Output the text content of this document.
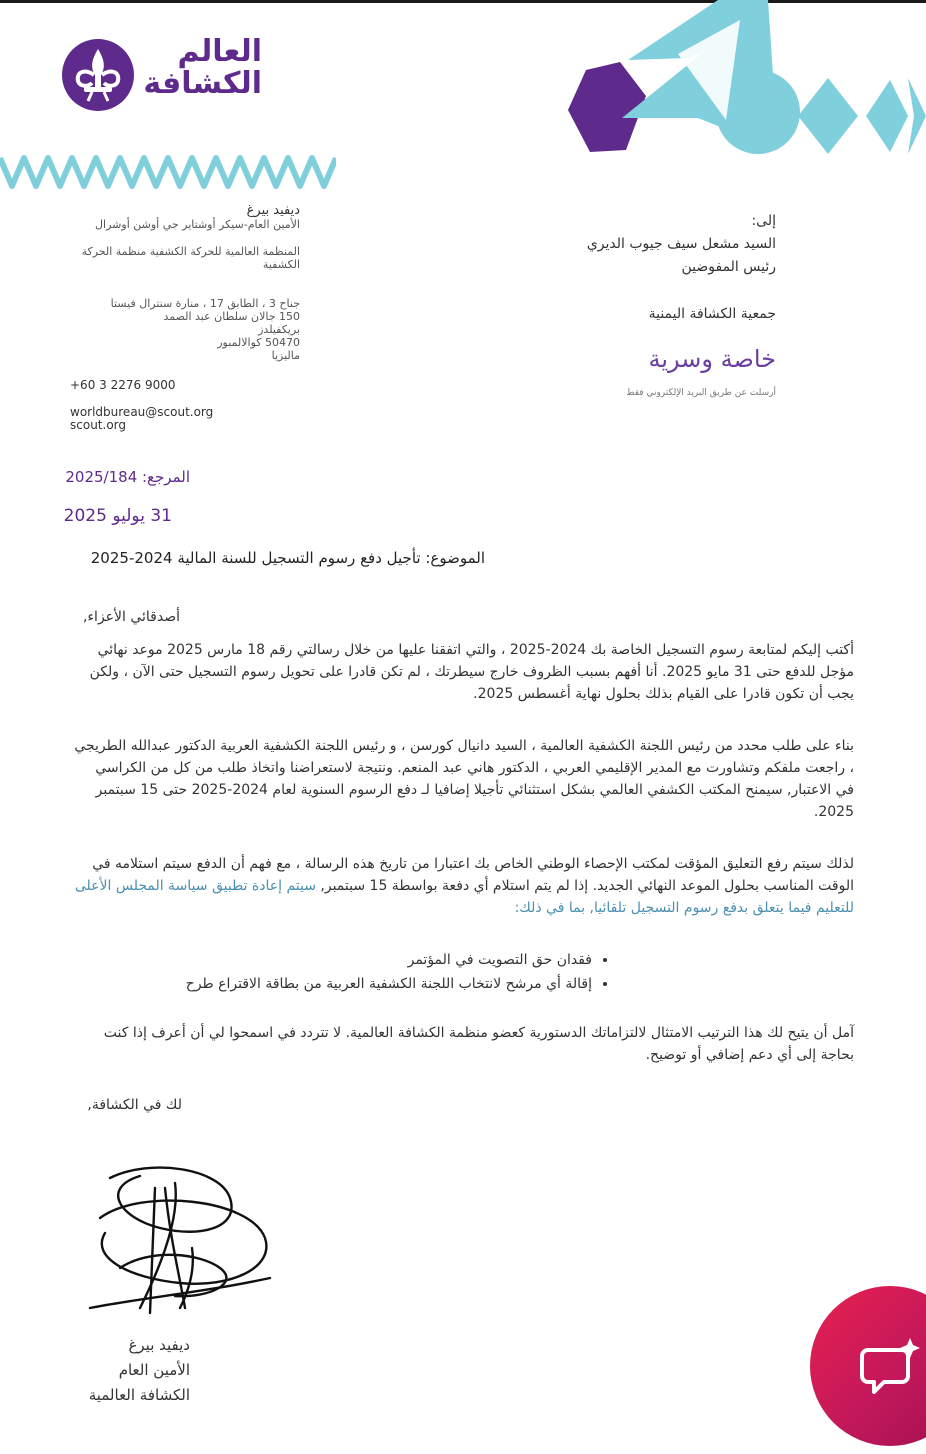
العالم
الكشافة
ديفيد بيرغ
الأمين العام-سيكر أوشتاير جي أوشن أوشرال
المنظمة العالمية للحركة الكشفية منظمة الحركة الكشفية
جناح 3 ، الطابق 17 ، منارة سنترال فيستا
150 جالان سلطان عبد الصمد
بريكفيلدز
50470 كوالالمبور
ماليزيا
+60 3 2276 9000
worldbureau@scout.org
scout.org
إلى:
السيد مشعل سيف جيوب الديري
رئيس المفوضين
جمعية الكشافة اليمنية
خاصة وسرية
أرسلت عن طريق البريد الإلكتروني فقط
المرجع: 2025/184
31 يوليو 2025
الموضوع: تأجيل دفع رسوم التسجيل للسنة المالية 2024-2025
أصدقائي الأعزاء,
أكتب إليكم لمتابعة رسوم التسجيل الخاصة بك 2024-2025 ، والتي اتفقنا عليها من خلال رسالتي رقم 18 مارس 2025 موعد نهائي مؤجل للدفع حتى 31 مايو 2025. أنا أفهم بسبب الظروف خارج سيطرتك ، لم تكن قادرا على تحويل رسوم التسجيل حتى الآن ، ولكن يجب أن تكون قادرا على القيام بذلك بحلول نهاية أغسطس 2025.
بناء على طلب محدد من رئيس اللجنة الكشفية العالمية ، السيد دانيال كورسن ، و رئيس اللجنة الكشفية العربية الدكتور عبدالله الطريجي ، راجعت ملفكم وتشاورت مع المدير الإقليمي العربي ، الدكتور هاني عبد المنعم. ونتيجة لاستعراضنا واتخاذ طلب من كل من الكراسي في الاعتبار, سيمنح المكتب الكشفي العالمي بشكل استثنائي تأجيلا إضافيا لـ دفع الرسوم السنوية لعام 2024-2025 حتى 15 سبتمبر 2025.
لذلك سيتم رفع التعليق المؤقت لمكتب الإحصاء الوطني الخاص بك اعتبارا من تاريخ هذه الرسالة ، مع فهم أن الدفع سيتم استلامه في الوقت المناسب بحلول الموعد النهائي الجديد. إذا لم يتم استلام أي دفعة بواسطة 15 سبتمبر, سيتم إعادة تطبيق سياسة المجلس الأعلى للتعليم فيما يتعلق بدفع رسوم التسجيل تلقائيا, بما في ذلك:
• فقدان حق التصويت في المؤتمر
• إقالة أي مرشح لانتخاب اللجنة الكشفية العربية من بطاقة الاقتراع طرح
آمل أن يتيح لك هذا الترتيب الامتثال لالتزاماتك الدستورية كعضو منظمة الكشافة العالمية. لا تتردد في اسمحوا لي أن أعرف إذا كنت بحاجة إلى أي دعم إضافي أو توضيح.
لك في الكشافة,
ديفيد بيرغ
الأمين العام
الكشافة العالمية
